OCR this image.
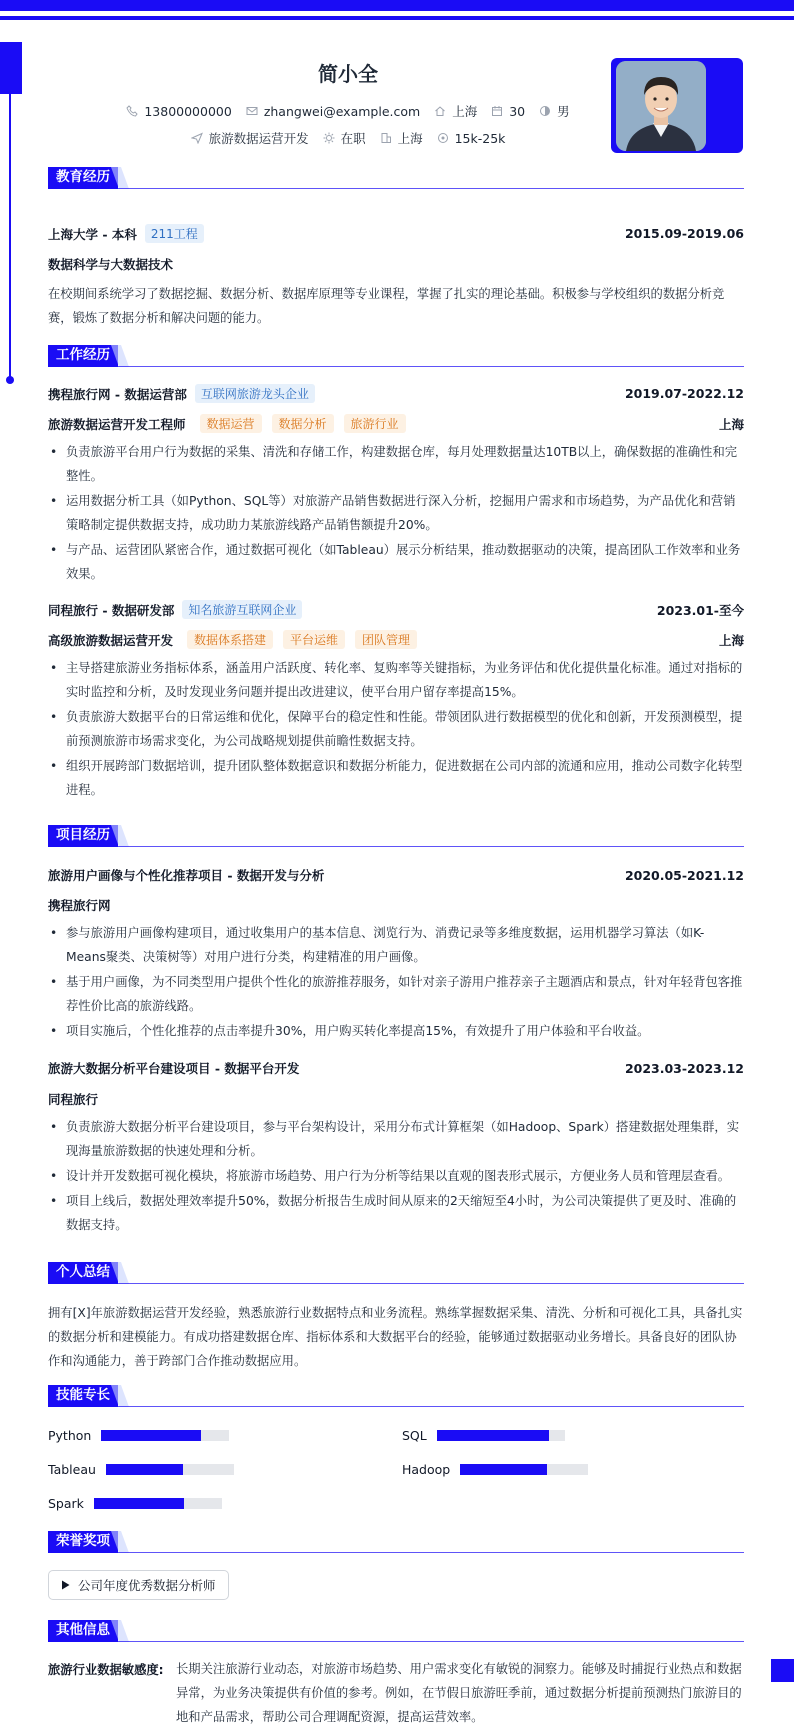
简小全
13800000000	zhangwei@example.com	上海	30	男
旅游数据运营开发	在职	上海	15k-25k
教育经历
上海大学 - 本科	211工程	2015.09-2019.06
数据科学与大数据技术
在校期间系统学习了数据挖掘、数据分析、数据库原理等专业课程，掌握了扎实的理论基础。积极参与学校组织的数据分析竞赛，锻炼了数据分析和解决问题的能力。
工作经历
携程旅行网 - 数据运营部	互联网旅游龙头企业	2019.07-2022.12
旅游数据运营开发工程师	数据运营	数据分析	旅游行业	上海
• 负责旅游平台用户行为数据的采集、清洗和存储工作，构建数据仓库，每月处理数据量达10TB以上，确保数据的准确性和完整性。
• 运用数据分析工具（如Python、SQL等）对旅游产品销售数据进行深入分析，挖掘用户需求和市场趋势，为产品优化和营销策略制定提供数据支持，成功助力某旅游线路产品销售额提升20%。
• 与产品、运营团队紧密合作，通过数据可视化（如Tableau）展示分析结果，推动数据驱动的决策，提高团队工作效率和业务效果。
同程旅行 - 数据研发部	知名旅游互联网企业	2023.01-至今
高级旅游数据运营开发	数据体系搭建	平台运维	团队管理	上海
• 主导搭建旅游业务指标体系，涵盖用户活跃度、转化率、复购率等关键指标，为业务评估和优化提供量化标准。通过对指标的实时监控和分析，及时发现业务问题并提出改进建议，使平台用户留存率提高15%。
• 负责旅游大数据平台的日常运维和优化，保障平台的稳定性和性能。带领团队进行数据模型的优化和创新，开发预测模型，提前预测旅游市场需求变化，为公司战略规划提供前瞻性数据支持。
• 组织开展跨部门数据培训，提升团队整体数据意识和数据分析能力，促进数据在公司内部的流通和应用，推动公司数字化转型进程。
项目经历
旅游用户画像与个性化推荐项目 - 数据开发与分析	2020.05-2021.12
携程旅行网
• 参与旅游用户画像构建项目，通过收集用户的基本信息、浏览行为、消费记录等多维度数据，运用机器学习算法（如K-Means聚类、决策树等）对用户进行分类，构建精准的用户画像。
• 基于用户画像，为不同类型用户提供个性化的旅游推荐服务，如针对亲子游用户推荐亲子主题酒店和景点，针对年轻背包客推荐性价比高的旅游线路。
• 项目实施后，个性化推荐的点击率提升30%，用户购买转化率提高15%，有效提升了用户体验和平台收益。
旅游大数据分析平台建设项目 - 数据平台开发	2023.03-2023.12
同程旅行
• 负责旅游大数据分析平台建设项目，参与平台架构设计，采用分布式计算框架（如Hadoop、Spark）搭建数据处理集群，实现海量旅游数据的快速处理和分析。
• 设计并开发数据可视化模块，将旅游市场趋势、用户行为分析等结果以直观的图表形式展示，方便业务人员和管理层查看。
• 项目上线后，数据处理效率提升50%，数据分析报告生成时间从原来的2天缩短至4小时，为公司决策提供了更及时、准确的数据支持。
个人总结
拥有[X]年旅游数据运营开发经验，熟悉旅游行业数据特点和业务流程。熟练掌握数据采集、清洗、分析和可视化工具，具备扎实的数据分析和建模能力。有成功搭建数据仓库、指标体系和大数据平台的经验，能够通过数据驱动业务增长。具备良好的团队协作和沟通能力，善于跨部门合作推动数据应用。
技能专长
Python	SQL
Tableau	Hadoop
Spark
荣誉奖项
公司年度优秀数据分析师
其他信息
旅游行业数据敏感度: 长期关注旅游行业动态，对旅游市场趋势、用户需求变化有敏锐的洞察力。能够及时捕捉行业热点和数据异常，为业务决策提供有价值的参考。例如，在节假日旅游旺季前，通过数据分析提前预测热门旅游目的地和产品需求，帮助公司合理调配资源，提高运营效率。
